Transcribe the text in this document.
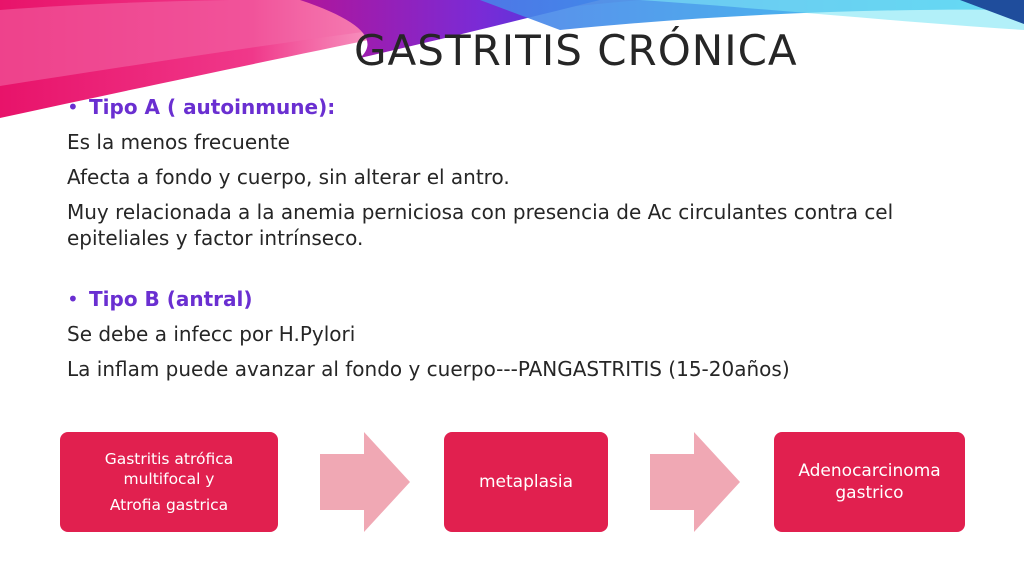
GASTRITIS CRÓNICA
• Tipo A ( autoinmune):

Es la menos frecuente

Afecta a fondo y cuerpo, sin alterar el antro.

Muy relacionada a la anemia perniciosa con presencia de Ac circulantes contra cel epiteliales y factor intrínseco.

• Tipo B (antral)

Se debe a infecc por H.Pylori

La inflam puede avanzar al fondo y cuerpo---PANGASTRITIS (15-20años)

Gastritis atrófica
multifocal y
Atrofia gastrica
metaplasia
Adenocarcinoma
gastrico
